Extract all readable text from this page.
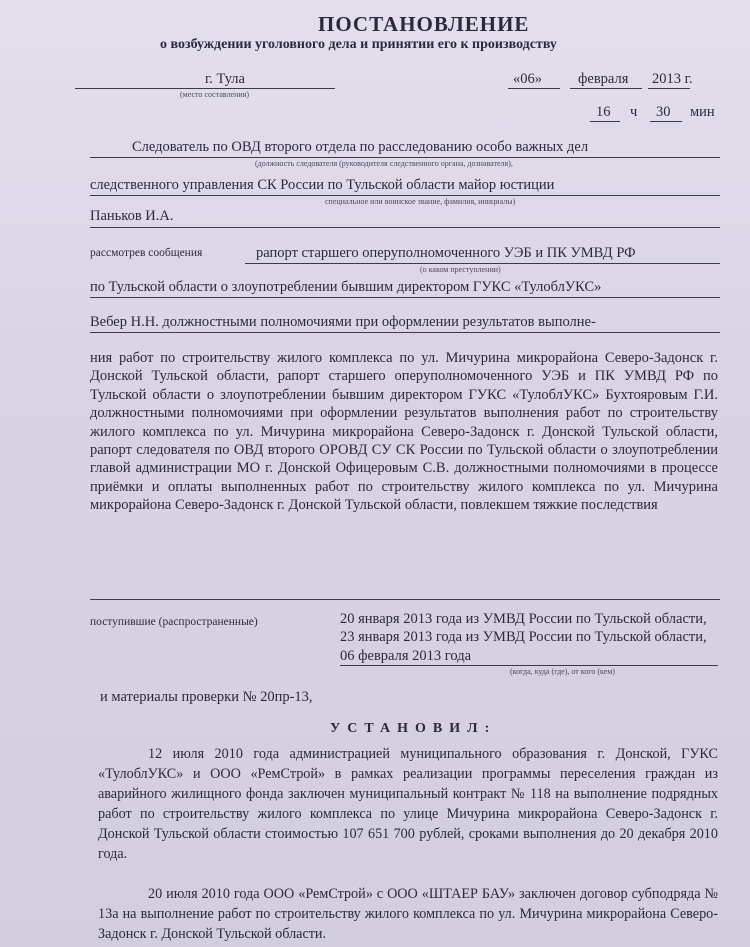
ПОСТАНОВЛЕНИЕ
о возбуждении уголовного дела и принятии его к производству
г. Тула
(место составления)
«06» февраля 2013 г.
16 ч 30 мин
Следователь по ОВД второго отдела по расследованию особо важных дел
(должность следователя (руководителя следственного органа, дознавателя),
следственного управления СК России по Тульской области майор юстиции
специальное или воинское звание, фамилия, инициалы)
Паньков И.А.
рассмотрев сообщения	рапорт старшего оперуполномоченного УЭБ и ПК УМВД РФ
(о каком преступлении)
по Тульской области о злоупотреблении бывшим директором ГУКС «ТулоблУКС»
Вебер Н.Н. должностными полномочиями при оформлении результатов выполне-
ния работ по строительству жилого комплекса по ул. Мичурина микрорайона Северо-Задонск г. Донской Тульской области, рапорт старшего оперуполномоченного УЭБ и ПК УМВД РФ по Тульской области о злоупотреблении бывшим директором ГУКС «ТулоблУКС» Бухтояровым Г.И. должностными полномочиями при оформлении результатов выполнения работ по строительству жилого комплекса по ул. Мичурина микрорайона Северо-Задонск г. Донской Тульской области, рапорт следователя по ОВД второго ОРОВД СУ СК России по Тульской области о злоупотреблении главой администрации МО г. Донской Офицеровым С.В. должностными полномочиями в процессе приёмки и оплаты выполненных работ по строительству жилого комплекса по ул. Мичурина микрорайона Северо-Задонск г. Донской Тульской области, повлекшем тяжкие последствия
поступившие (распространенные)	20 января 2013 года из УМВД России по Тульской области, 23 января 2013 года из УМВД России по Тульской области, 06 февраля 2013 года
(когда, куда (где), от кого (кем)
и материалы проверки № 20пр-13,
УСТАНОВИЛ:
12 июля 2010 года администрацией муниципального образования г. Донской, ГУКС «ТулоблУКС» и ООО «РемСтрой» в рамках реализации программы переселения граждан из аварийного жилищного фонда заключен муниципальный контракт № 118 на выполнение подрядных работ по строительству жилого комплекса по улице Мичурина микрорайона Северо-Задонск г. Донской Тульской области стоимостью 107 651 700 рублей, сроками выполнения до 20 декабря 2010 года.
20 июля 2010 года ООО «РемСтрой» с ООО «ШТАЕР БАУ» заключен договор субподряда № 13а на выполнение работ по строительству жилого комплекса по ул. Мичурина микрорайона Северо-Задонск г. Донской Тульской области.
